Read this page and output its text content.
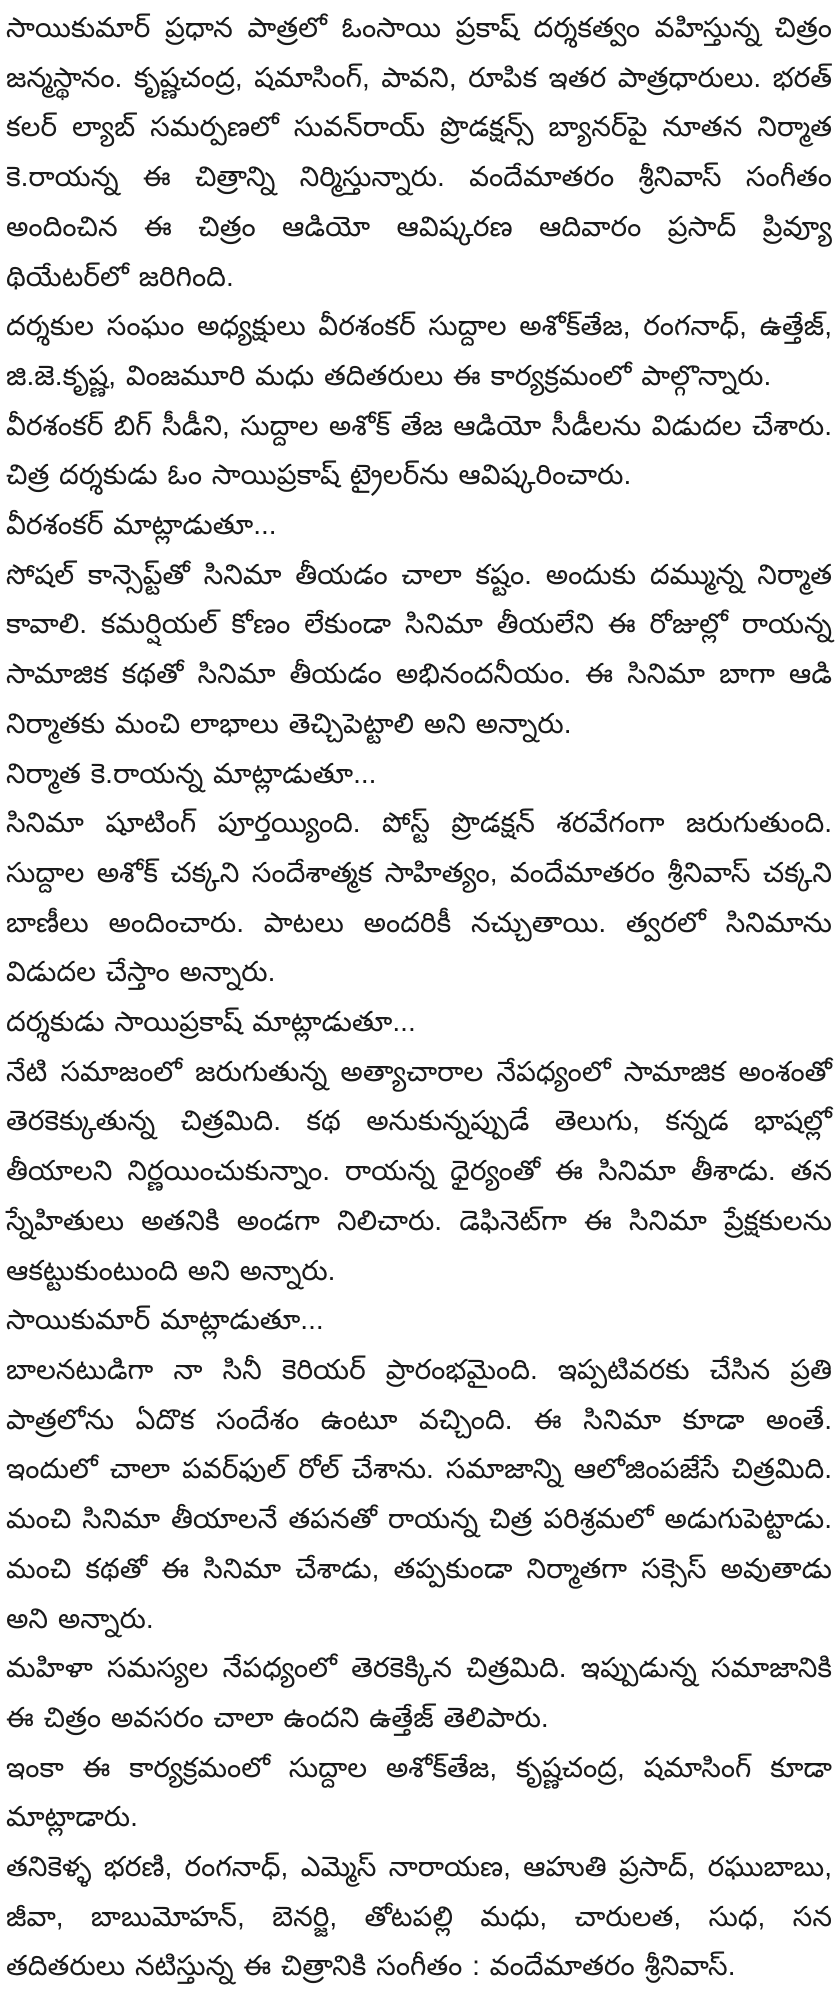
సాయికుమార్ ప్రధాన పాత్రలో ఓంసాయి ప్రకాష్ దర్శకత్వం వహిస్తున్న చిత్రం జన్మస్థానం. కృష్ణచంద్ర, షమాసింగ్, పావని, రూపిక ఇతర పాత్రధారులు. భరత్ కలర్ ల్యాబ్ సమర్పణలో సువన్‌రాయ్ ప్రొడక్షన్స్ బ్యానర్‌పై నూతన నిర్మాత కె.రాయన్న ఈ చిత్రాన్ని నిర్మిస్తున్నారు. వందేమాతరం శ్రీనివాస్ సంగీతం అందించిన ఈ చిత్రం ఆడియో ఆవిష్కరణ ఆదివారం ప్రసాద్ ప్రివ్యూ థియేటర్‌లో జరిగింది.

దర్శకుల సంఘం అధ్యక్షులు వీరశంకర్ సుద్దాల అశోక్‌తేజ, రంగనాధ్, ఉత్తేజ్, జి.జె.కృష్ణ, వింజమూరి మధు తదితరులు ఈ కార్యక్రమంలో పాల్గొన్నారు.

వీరశంకర్ బిగ్ సీడీని, సుద్దాల అశోక్ తేజ ఆడియో సీడీలను విడుదల చేశారు. చిత్ర దర్శకుడు ఓం సాయిప్రకాష్ ట్రైలర్‌ను ఆవిష్కరించారు.

వీరశంకర్ మాట్లాడుతూ...

సోషల్ కాన్సెప్ట్‌తో సినిమా తీయడం చాలా కష్టం. అందుకు దమ్మున్న నిర్మాత కావాలి. కమర్షియల్ కోణం లేకుండా సినిమా తీయలేని ఈ రోజుల్లో రాయన్న సామాజిక కథతో సినిమా తీయడం అభినందనీయం. ఈ సినిమా బాగా ఆడి నిర్మాతకు మంచి లాభాలు తెచ్చిపెట్టాలి అని అన్నారు.

నిర్మాత కె.రాయన్న మాట్లాడుతూ...

సినిమా షూటింగ్ పూర్తయ్యింది. పోస్ట్ ప్రొడక్షన్ శరవేగంగా జరుగుతుంది. సుద్దాల అశోక్ చక్కని సందేశాత్మక సాహిత్యం, వందేమాతరం శ్రీనివాస్ చక్కని బాణీలు అందించారు. పాటలు అందరికీ నచ్చుతాయి. త్వరలో సినిమాను విడుదల చేస్తాం అన్నారు.

దర్శకుడు సాయిప్రకాష్ మాట్లాడుతూ...

నేటి సమాజంలో జరుగుతున్న అత్యాచారాల నేపధ్యంలో సామాజిక అంశంతో తెరకెక్కుతున్న చిత్రమిది. కథ అనుకున్నప్పుడే తెలుగు, కన్నడ భాషల్లో తీయాలని నిర్ణయించుకున్నాం. రాయన్న ధైర్యంతో ఈ సినిమా తీశాడు. తన స్నేహితులు అతనికి అండగా నిలిచారు. డెఫినెట్‌గా ఈ సినిమా ప్రేక్షకులను ఆకట్టుకుంటుంది అని అన్నారు.

సాయికుమార్ మాట్లాడుతూ...

బాలనటుడిగా నా సినీ కెరియర్ ప్రారంభమైంది. ఇప్పటివరకు చేసిన ప్రతి పాత్రలోను ఏదొక సందేశం ఉంటూ వచ్చింది. ఈ సినిమా కూడా అంతే. ఇందులో చాలా పవర్‌ఫుల్ రోల్ చేశాను. సమాజాన్ని ఆలోజింపజేసే చిత్రమిది. మంచి సినిమా తీయాలనే తపనతో రాయన్న చిత్ర పరిశ్రమలో అడుగుపెట్టాడు. మంచి కథతో ఈ సినిమా చేశాడు, తప్పకుండా నిర్మాతగా సక్సెస్ అవుతాడు అని అన్నారు.

మహిళా సమస్యల నేపధ్యంలో తెరకెక్కిన చిత్రమిది. ఇప్పుడున్న సమాజానికి ఈ చిత్రం అవసరం చాలా ఉందని ఉత్తేజ్ తెలిపారు.

ఇంకా ఈ కార్యక్రమంలో సుద్దాల అశోక్‌తేజ, కృష్ణచంద్ర, షమాసింగ్ కూడా మాట్లాడారు.

తనికెళ్ళ భరణి, రంగనాధ్, ఎమ్మెస్ నారాయణ, ఆహుతి ప్రసాద్, రఘుబాబు, జీవా, బాబుమోహన్, బెనర్జి, తోటపల్లి మధు, చారులత, సుధ, సన తదితరులు నటిస్తున్న ఈ చిత్రానికి సంగీతం : వందేమాతరం శ్రీనివాస్.
